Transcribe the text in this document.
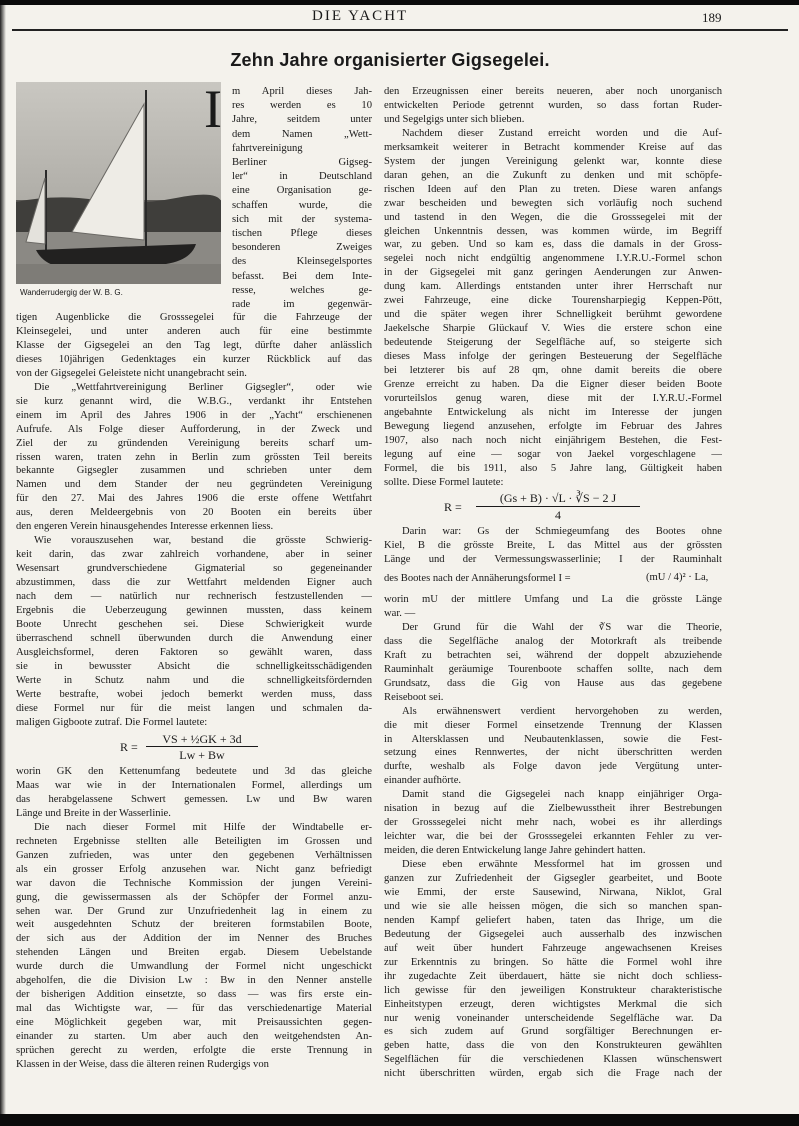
DIE YACHT	189
Zehn Jahre organisierter Gigsegelei.
Wanderrudergig der W. B. G.
I m April dieses Jah-

res werden es 10

Jahre, seitdem unter

dem Namen „Wett-

fahrtvereinigung

Berliner Gigseg-

ler“ in Deutschland

eine Organisation ge-

schaffen wurde, die

sich mit der systema-

tischen Pflege dieses

besonderen Zweiges

des Kleinsegelsportes

befasst. Bei dem Inte-

resse, welches ge-

rade im gegenwär-

tigen Augenblicke die Grosssegelei für die Fahrzeuge der

Kleinsegelei, und unter anderen auch für eine bestimmte

Klasse der Gigsegelei an den Tag legt, dürfte daher anlässlich

dieses 10jährigen Gedenktages ein kurzer Rückblick auf das

von der Gigsegelei Geleistete nicht unangebracht sein.

Die „Wettfahrtvereinigung Berliner Gigsegler“, oder wie

sie kurz genannt wird, die W.B.G., verdankt ihr Entstehen

einem im April des Jahres 1906 in der „Yacht“ erschienenen

Aufrufe. Als Folge dieser Aufforderung, in der Zweck und

Ziel der zu gründenden Vereinigung bereits scharf um-

rissen waren, traten zehn in Berlin zum grössten Teil bereits

bekannte Gigsegler zusammen und schrieben unter dem

Namen und dem Stander der neu gegründeten Vereinigung

für den 27. Mai des Jahres 1906 die erste offene Wettfahrt

aus, deren Meldeergebnis von 20 Booten ein bereits über

den engeren Verein hinausgehendes Interesse erkennen liess.

Wie vorauszusehen war, bestand die grösste Schwierig-

keit darin, das zwar zahlreich vorhandene, aber in seiner

Wesensart grundverschiedene Gigmaterial so gegeneinander

abzustimmen, dass die zur Wettfahrt meldenden Eigner auch

nach dem — natürlich nur rechnerisch festzustellenden —

Ergebnis die Ueberzeugung gewinnen mussten, dass keinem

Boote Unrecht geschehen sei. Diese Schwierigkeit wurde

überraschend schnell überwunden durch die Anwendung einer

Ausgleichsformel, deren Faktoren so gewählt waren, dass

sie in bewusster Absicht die schnelligkeitsschädigenden

Werte in Schutz nahm und die schnelligkeitsfördernden

Werte bestrafte, wobei jedoch bemerkt werden muss, dass

diese Formel nur für die meist langen und schmalen da-

maligen Gigboote zutraf. Die Formel lautete:

worin GK den Kettenumfang bedeutete und 3d das gleiche

Maas war wie in der Internationalen Formel, allerdings um

das herabgelassene Schwert gemessen. Lw und Bw waren

Länge und Breite in der Wasserlinie.

Die nach dieser Formel mit Hilfe der Windtabelle er-

rechneten Ergebnisse stellten alle Beteiligten im Grossen und

Ganzen zufrieden, was unter den gegebenen Verhältnissen

als ein grosser Erfolg anzusehen war. Nicht ganz befriedigt

war davon die Technische Kommission der jungen Vereini-

gung, die gewissermassen als der Schöpfer der Formel anzu-

sehen war. Der Grund zur Unzufriedenheit lag in einem zu

weit ausgedehnten Schutz der breiteren formstabilen Boote,

der sich aus der Addition der im Nenner des Bruches

stehenden Längen und Breiten ergab. Diesem Uebelstande

wurde durch die Umwandlung der Formel nicht ungeschickt

abgeholfen, die die Division Lw : Bw in den Nenner anstelle

der bisherigen Addition einsetzte, so dass — was firs erste ein-

mal das Wichtigste war, — für das verschiedenartige Material

eine Möglichkeit gegeben war, mit Preisaussichten gegen-

einander zu starten. Um aber auch den weitgehendsten An-

sprüchen gerecht zu werden, erfolgte die erste Trennung in

Klassen in der Weise, dass die älteren reinen Rudergigs von

R =
VS + ½GK + 3d
Lw + Bw

den Erzeugnissen einer bereits neueren, aber noch unorganisch

entwickelten Periode getrennt wurden, so dass fortan Ruder-

und Segelgigs unter sich blieben.

Nachdem dieser Zustand erreicht worden und die Auf-

merksamkeit weiterer in Betracht kommender Kreise auf das

System der jungen Vereinigung gelenkt war, konnte diese

daran gehen, an die Zukunft zu denken und mit schöpfe-

rischen Ideen auf den Plan zu treten. Diese waren anfangs

zwar bescheiden und bewegten sich vorläufig noch suchend

und tastend in den Wegen, die die Grosssegelei mit der

gleichen Unkenntnis dessen, was kommen würde, im Begriff

war, zu geben. Und so kam es, dass die damals in der Gross-

segelei noch nicht endgültig angenommene I.Y.R.U.-Formel schon

in der Gigsegelei mit ganz geringen Aenderungen zur Anwen-

dung kam. Allerdings entstanden unter ihrer Herrschaft nur

zwei Fahrzeuge, eine dicke Tourensharpiegig Keppen-Pött,

und die später wegen ihrer Schnelligkeit berühmt gewordene

Jaekelsche Sharpie Glückauf V. Wies die erstere schon eine

bedeutende Steigerung der Segelfläche auf, so steigerte sich

dieses Mass infolge der geringen Besteuerung der Segelfläche

bei letzterer bis auf 28 qm, ohne damit bereits die obere

Grenze erreicht zu haben. Da die Eigner dieser beiden Boote

vorurteilslos genug waren, diese mit der I.Y.R.U.-Formel

angebahnte Entwickelung als nicht im Interesse der jungen

Bewegung liegend anzusehen, erfolgte im Februar des Jahres

1907, also nach noch nicht einjährigem Bestehen, die Fest-

legung auf eine — sogar von Jaekel vorgeschlagene —

Formel, die bis 1911, also 5 Jahre lang, Gültigkeit haben

sollte. Diese Formel lautete:

Darin war: Gs der Schmiegeumfang des Bootes ohne

Kiel, B die grösste Breite, L das Mittel aus der grössten

Länge und der Vermessungswasserlinie; I der Rauminhalt

worin mU der mittlere Umfang und La die grösste Länge

war. —

Der Grund für die Wahl der ∛S war die Theorie,

dass die Segelfläche analog der Motorkraft als treibende

Kraft zu betrachten sei, während der doppelt abzuziehende

Rauminhalt geräumige Tourenboote schaffen sollte, nach dem

Grundsatz, dass die Gig von Hause aus das gegebene

Reiseboot sei.

Als erwähnenswert verdient hervorgehoben zu werden,

die mit dieser Formel einsetzende Trennung der Klassen

in Altersklassen und Neubautenklassen, sowie die Fest-

setzung eines Rennwertes, der nicht überschritten werden

durfte, weshalb als Folge davon jede Vergütung unter-

einander aufhörte.

Damit stand die Gigsegelei nach knapp einjähriger Orga-

nisation in bezug auf die Zielbewusstheit ihrer Bestrebungen

der Grosssegelei nicht mehr nach, wobei es ihr allerdings

leichter war, die bei der Grosssegelei erkannten Fehler zu ver-

meiden, die deren Entwickelung lange Jahre gehindert hatten.

Diese eben erwähnte Messformel hat im grossen und

ganzen zur Zufriedenheit der Gigsegler gearbeitet, und Boote

wie Emmi, der erste Sausewind, Nirwana, Niklot, Gral

und wie sie alle heissen mögen, die sich so manchen span-

nenden Kampf geliefert haben, taten das Ihrige, um die

Bedeutung der Gigsegelei auch ausserhalb des inzwischen

auf weit über hundert Fahrzeuge angewachsenen Kreises

zur Erkenntnis zu bringen. So hätte die Formel wohl ihre

ihr zugedachte Zeit überdauert, hätte sie nicht doch schliess-

lich gewisse für den jeweiligen Konstrukteur charakteristische

Einheitstypen erzeugt, deren wichtigstes Merkmal die sich

nur wenig voneinander unterscheidende Segelfläche war. Da

es sich zudem auf Grund sorgfältiger Berechnungen er-

geben hatte, dass die von den Konstrukteuren gewählten

Segelflächen für die verschiedenen Klassen wünschenswert

nicht überschritten würden, ergab sich die Frage nach der

R =
(Gs + B) · √L · ∛S − 2 J
4
des Bootes nach der Annäherungsformel I =	(mU / 4)² · La,
